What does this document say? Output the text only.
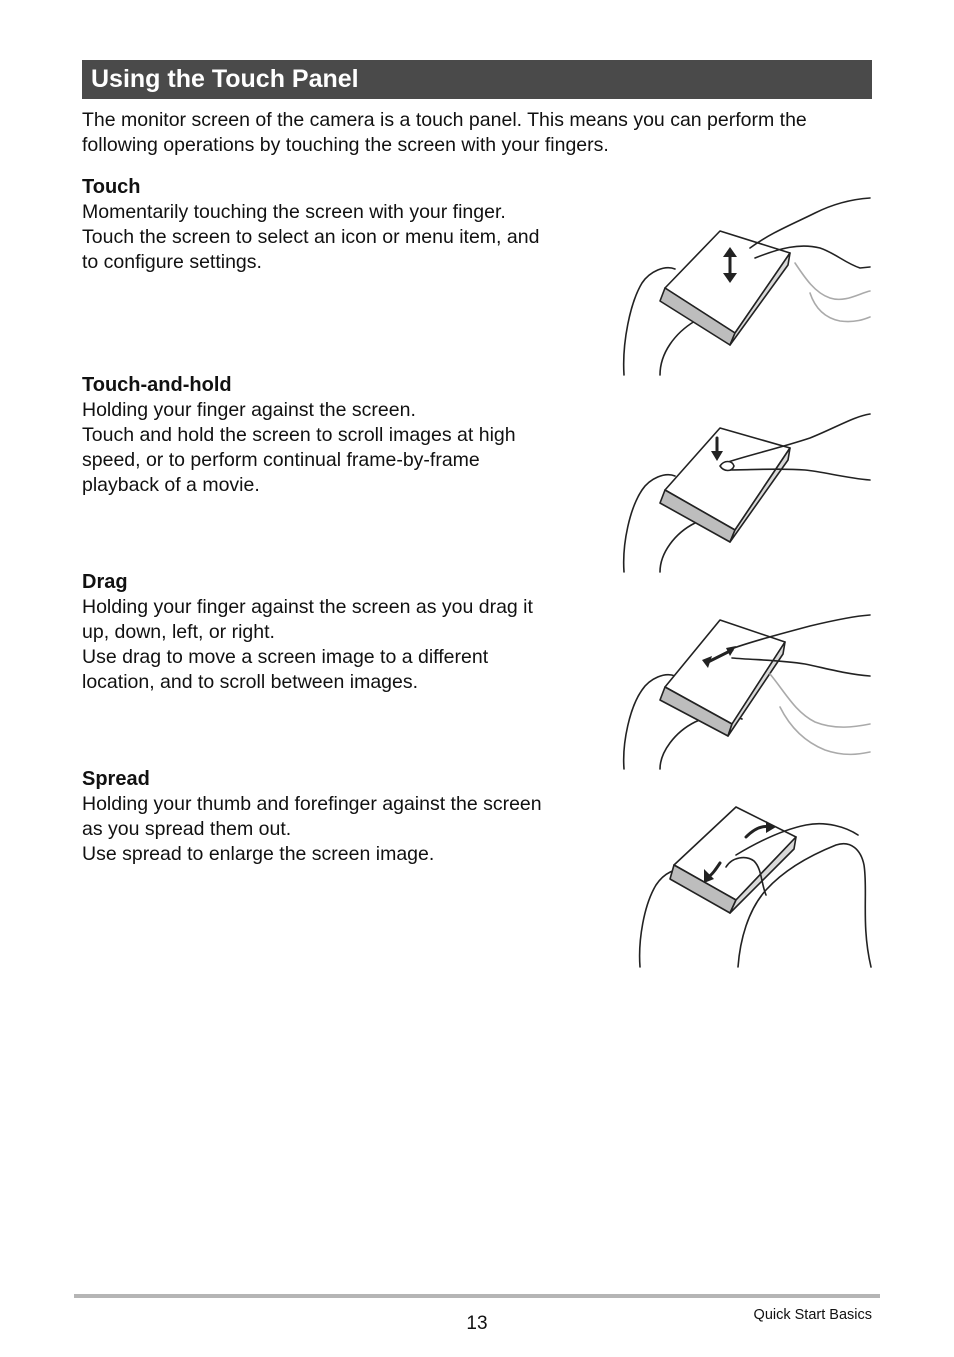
Using the Touch Panel
The monitor screen of the camera is a touch panel. This means you can perform the
following operations by touching the screen with your fingers.
Touch
Momentarily touching the screen with your finger.
Touch the screen to select an icon or menu item, and
to configure settings.
Touch-and-hold
Holding your finger against the screen.
Touch and hold the screen to scroll images at high
speed, or to perform continual frame-by-frame
playback of a movie.
Drag
Holding your finger against the screen as you drag it
up, down, left, or right.
Use drag to move a screen image to a different
location, and to scroll between images.
Spread
Holding your thumb and forefinger against the screen
as you spread them out.
Use spread to enlarge the screen image.
13	Quick Start Basics
